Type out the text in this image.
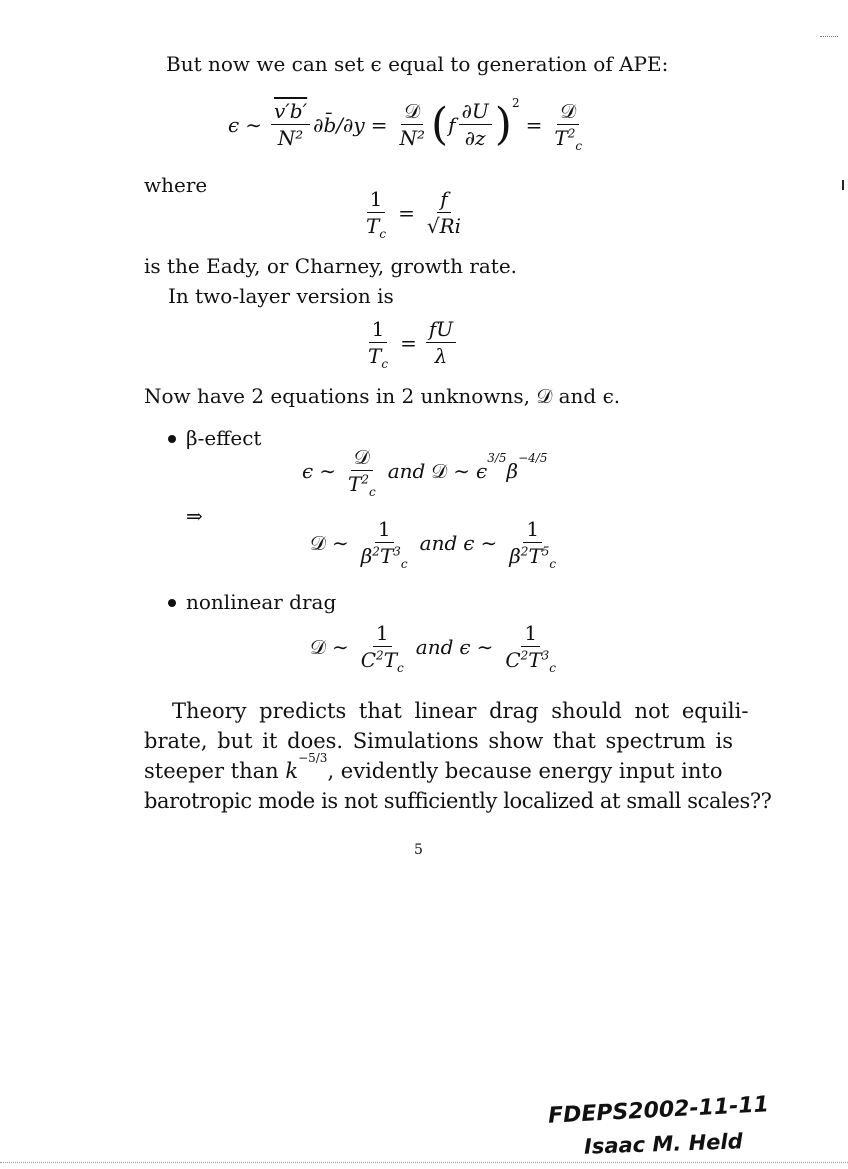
But now we can set ϵ equal to generation of APE:
ϵ ∼ $\frac{v'b'}{\text{N²}}$ ∂b̄/∂y = $\frac{\text{𝒟}}{\text{N²}}$ ( f $\frac{\partial U}{\partial z} )^2$
= $\frac{\text{𝒟}}{T^2_c}$
where
$\frac{1}{T_c} = \frac{f}{√Ri}$
is the Eady, or Charney, growth rate.
In two-layer version is
$\frac{1}{T_c} = \frac{fU}{\lambda}$
Now have 2 equations in 2 unknowns, 𝒟 and ϵ.
β-effect
ϵ ∼ $\frac{\text{𝒟}}{T^2_c}$ and 𝒟 ∼ $\epsilon^{3/5}\beta^{-4/5}$
⇒
𝒟 ∼ $\frac{1}{\beta^2T^3_c}$ and ϵ ∼ $\frac{1}{\beta^2T^5_c}$
nonlinear drag
𝒟 ∼ $\frac{1}{C^2T_c}$ and ϵ ∼ $\frac{1}{C^2T^3_c}$
Theory predicts that linear drag should not equili-
brate, but it does. Simulations show that spectrum is
steeper than $k^{-5/3}$, evidently because energy input into
barotropic mode is not sufficiently localized at small scales??
5
FDEPS2002-11-11
Isaac M. Held
